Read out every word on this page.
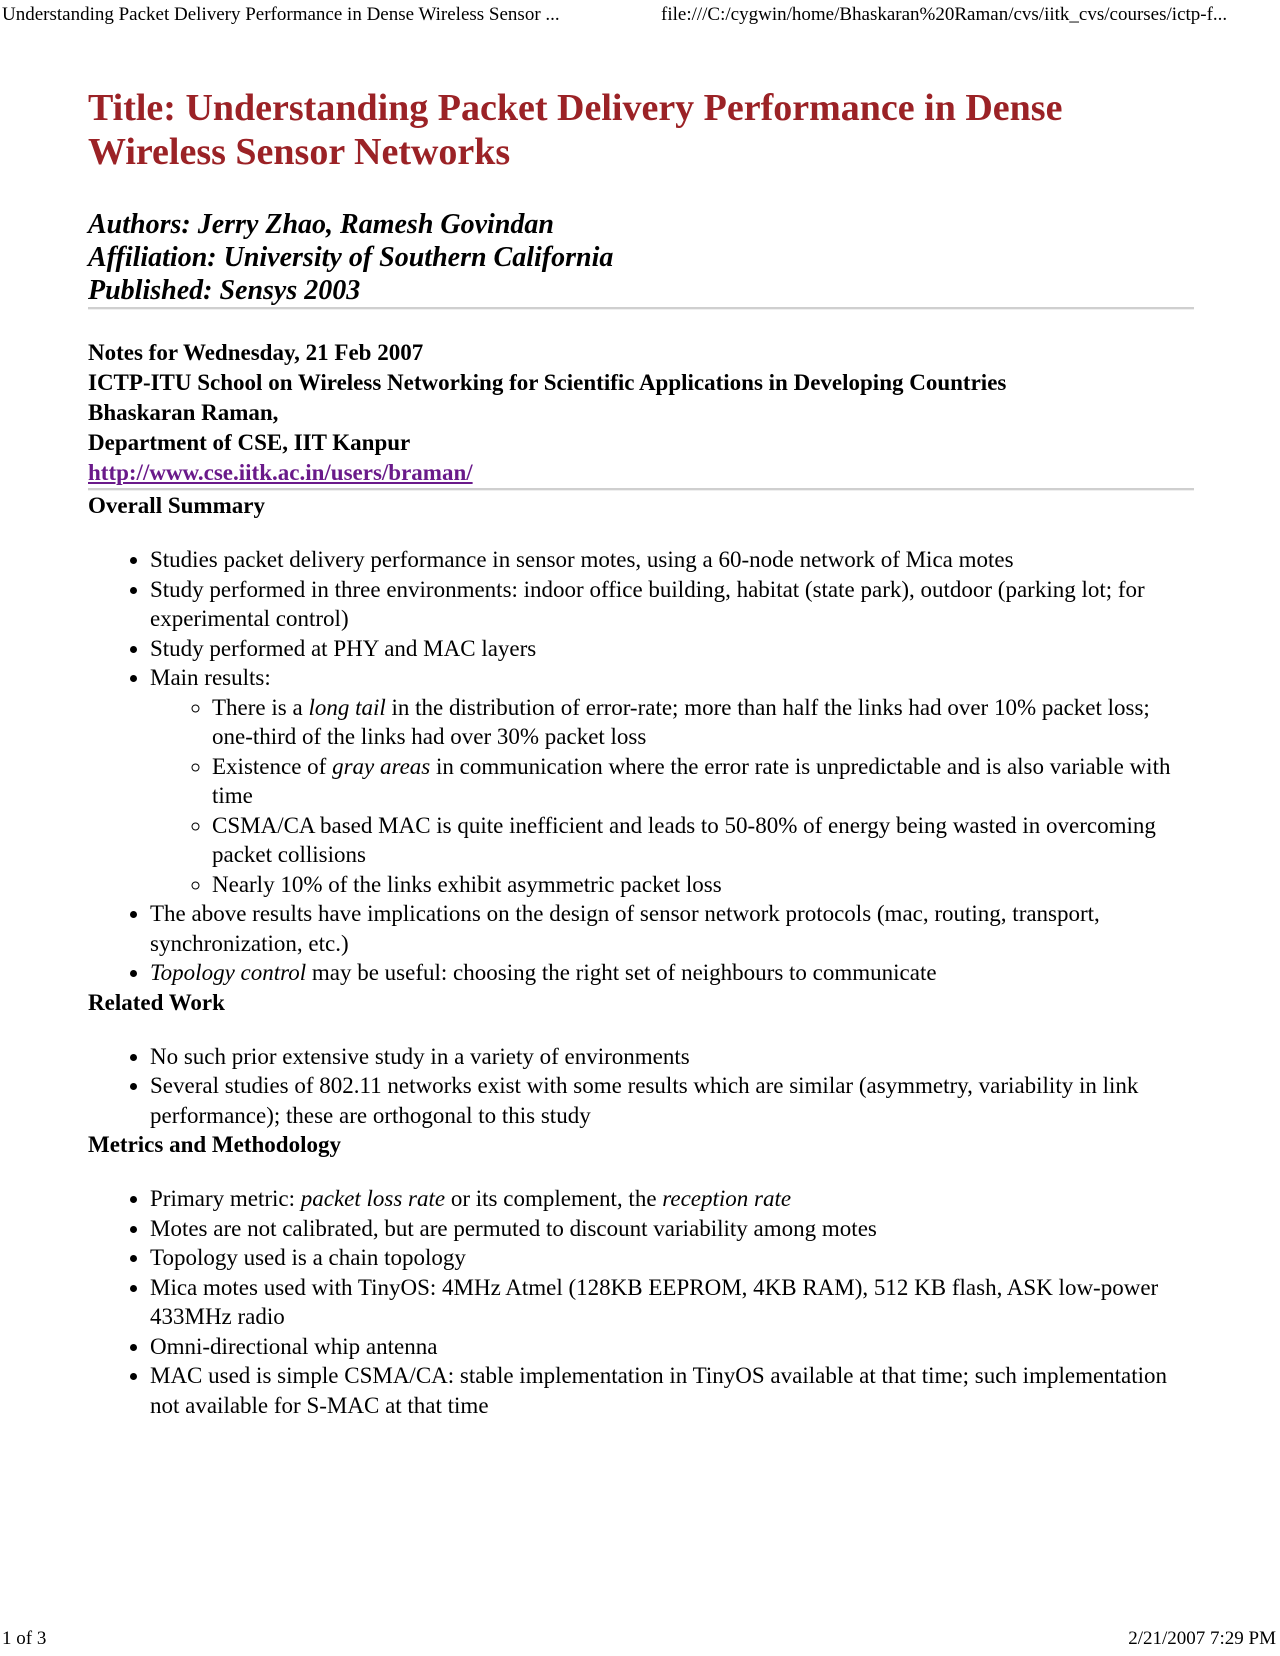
Understanding Packet Delivery Performance in Dense Wireless Sensor ...	file:///C:/cygwin/home/Bhaskaran%20Raman/cvs/iitk_cvs/courses/ictp-f...
Title: Understanding Packet Delivery Performance in Dense Wireless Sensor Networks
Authors: Jerry Zhao, Ramesh Govindan
Affiliation: University of Southern California
Published: Sensys 2003
Notes for Wednesday, 21 Feb 2007
ICTP-ITU School on Wireless Networking for Scientific Applications in Developing Countries
Bhaskaran Raman,
Department of CSE, IIT Kanpur
http://www.cse.iitk.ac.in/users/braman/
Overall Summary
• Studies packet delivery performance in sensor motes, using a 60-node network of Mica motes
• Study performed in three environments: indoor office building, habitat (state park), outdoor (parking lot; for experimental control)
• Study performed at PHY and MAC layers
• Main results:
◦ There is a long tail in the distribution of error-rate; more than half the links had over 10% packet loss; one-third of the links had over 30% packet loss
◦ Existence of gray areas in communication where the error rate is unpredictable and is also variable with time
◦ CSMA/CA based MAC is quite inefficient and leads to 50-80% of energy being wasted in overcoming packet collisions
◦ Nearly 10% of the links exhibit asymmetric packet loss
• The above results have implications on the design of sensor network protocols (mac, routing, transport, synchronization, etc.)
• Topology control may be useful: choosing the right set of neighbours to communicate
Related Work
• No such prior extensive study in a variety of environments
• Several studies of 802.11 networks exist with some results which are similar (asymmetry, variability in link performance); these are orthogonal to this study
Metrics and Methodology
• Primary metric: packet loss rate or its complement, the reception rate
• Motes are not calibrated, but are permuted to discount variability among motes
• Topology used is a chain topology
• Mica motes used with TinyOS: 4MHz Atmel (128KB EEPROM, 4KB RAM), 512 KB flash, ASK low-power 433MHz radio
• Omni-directional whip antenna
• MAC used is simple CSMA/CA: stable implementation in TinyOS available at that time; such implementation not available for S-MAC at that time
1 of 3	2/21/2007 7:29 PM
